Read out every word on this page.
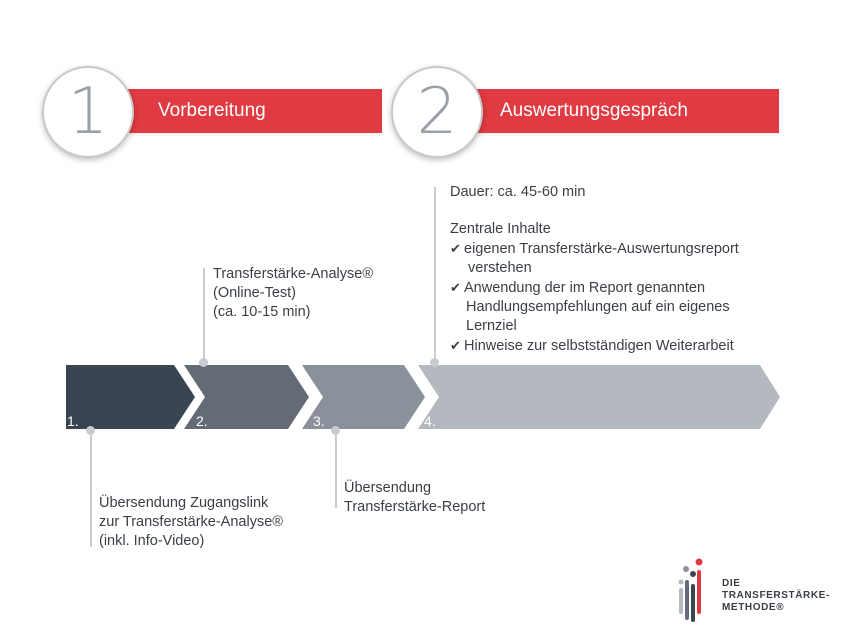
Vorbereitung
1	Auswertungsgespräch
2
1.	2.	3.	4.
Transferstärke-Analyse®
(Online-Test)
(ca. 10-15 min)
Übersendung Zugangslink
zur Transferstärke-Analyse®
(inkl. Info-Video)
Übersendung
Transferstärke-Report
Dauer: ca. 45-60 min
Zentrale Inhalte
✔ eigenen Transferstärke-Auswertungsreport
verstehen
✔ Anwendung der im Report genannten
Handlungsempfehlungen auf ein eigenes
Lernziel
✔ Hinweise zur selbstständigen Weiterarbeit
DIE
TRANSFERSTÄRKE-
METHODE®
